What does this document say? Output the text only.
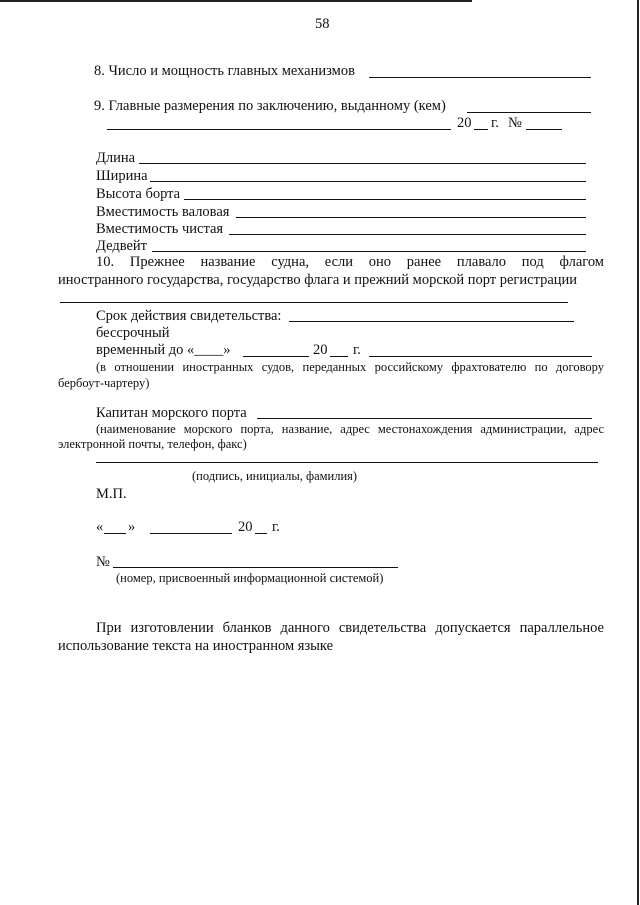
58
8. Число и мощность главных механизмов
9. Главные размерения по заключению, выданному (кем)
20 г. №
Длина
Ширина
Высота борта
Вместимость валовая
Вместимость чистая
Дедвейт
10. Прежнее название судна, если оно ранее плавало под флагом
иностранного государства, государство флага и прежний морской порт регистрации
Срок действия свидетельства:
бессрочный
временный до «____»	20 г.
(в отношении иностранных судов, переданных российскому фрахтователю по договору
бербоут-чартеру)
Капитан морского порта
(наименование морского порта, название, адрес местонахождения администрации, адрес
электронной почты, телефон, факс)
(подпись, инициалы, фамилия)
М.П.
« »	20 г.
№
(номер, присвоенный информационной системой)
При изготовлении бланков данного свидетельства допускается параллельное
использование текста на иностранном языке
